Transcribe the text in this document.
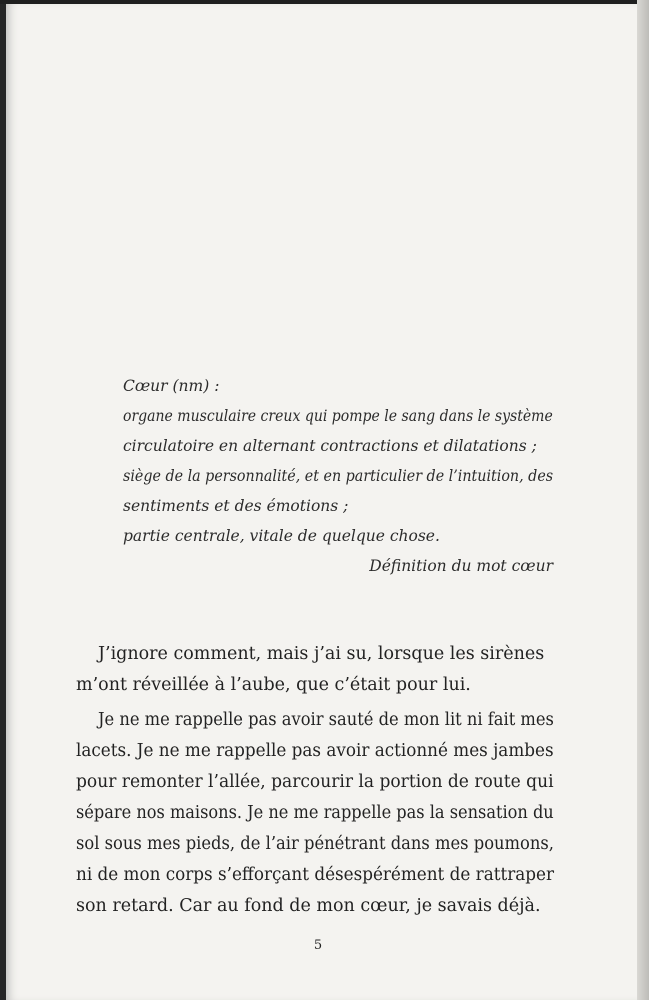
Cœur (nm) :
organe musculaire creux qui pompe le sang dans le système
circulatoire en alternant contractions et dilatations ;
siège de la personnalité, et en particulier de l’intuition, des
sentiments et des émotions ;
partie centrale, vitale de quelque chose.
Définition du mot cœur
J’ignore comment, mais j’ai su, lorsque les sirènes
m’ont réveillée à l’aube, que c’était pour lui.
Je ne me rappelle pas avoir sauté de mon lit ni fait mes
lacets. Je ne me rappelle pas avoir actionné mes jambes
pour remonter l’allée, parcourir la portion de route qui
sépare nos maisons. Je ne me rappelle pas la sensation du
sol sous mes pieds, de l’air pénétrant dans mes poumons,
ni de mon corps s’efforçant désespérément de rattraper
son retard. Car au fond de mon cœur, je savais déjà.
5
